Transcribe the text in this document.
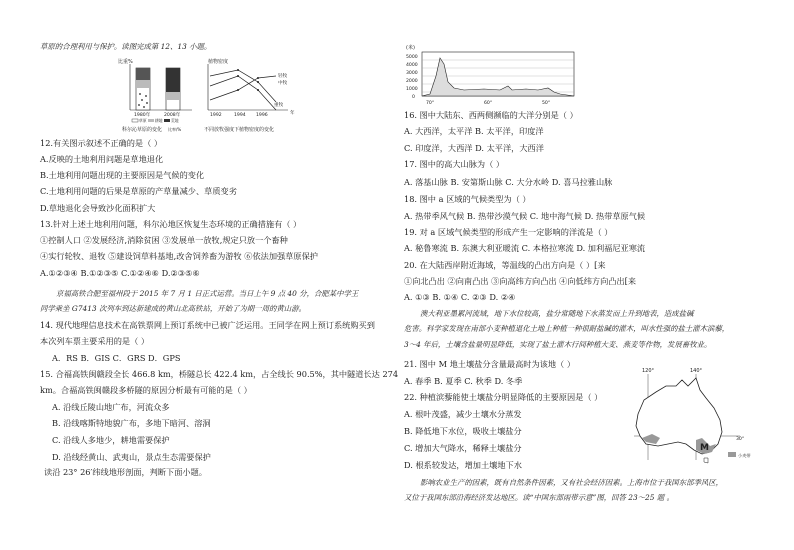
草原的合理利用与保护。读图完成第 12、13 小题。
比重%
1980年	2008年
草原 耕地 荒地
科尔沁草原的变化 比率/%
植物密度
轻牧
中牧
重牧
1992	1994 1996	年
不同放牧强度下植物密度的变化
12.有关图示叙述不正确的是（ ）
A.反映的土地利用问题是草地退化
B.土地利用问题出现的主要原因是气候的变化
C.土地利用问题的后果是草原的产草量减少、草质变劣
D.草地退化会导致沙化面积扩大
13.针对上述土地利用问题，科尔沁地区恢复生态环境的正确措施有（ ）
①控制人口 ②发展经济,消除贫困 ③发展单一放牧,规定只放一个畜种
④实行轮牧、退牧 ⑤建设饲草料基地,改舍饲养畜为游牧 ⑥依法加强草原保护
A.①②③④ B.①②③⑤ C.①②④⑥ D.②③⑤⑥
京福高铁合肥至福州段于 2015 年 7 月 1 日正式运营。当日上午 9 点 40 分，合肥某中学王
同学乘坐 G7413 次列车到达新建成的黄山北高铁站，开始了为期一周的黄山游。
14. 现代地理信息技术在高铁票网上预订系统中已被广泛运用。王同学在网上预订系统购买到
本次列车票主要采用的是（ ）
A．RS B．GIS C．GRS D．GPS
15. 合福高铁闽赣段全长 466.8 km，桥隧总长 422.4 km，占全线长 90.5%，其中隧道长达 274
km。合福高铁闽赣段多桥隧的原因分析最有可能的是（ ）
A. 沿线丘陵山地广布，河流众多
B. 沿线喀斯特地貌广布，多地下暗河、溶洞
C. 沿线人多地少，耕地需要保护
D. 沿线经黄山、武夷山，景点生态需要保护
读沿 23° 26′纬线地形剖面，判断下面小题。
(米)
5000
4000
3000
2000
1000
0
70°	60°	50°
16. 图中大陆东、西两侧濒临的大洋分别是（ ）
A. 大西洋，太平洋 B. 太平洋，印度洋
C. 印度洋，大西洋 D. 太平洋，大西洋
17. 图中的高大山脉为（ ）
A. 落基山脉 B. 安第斯山脉 C. 大分水岭 D. 喜马拉雅山脉
18. 图中 a 区域的气候类型为（ ）
A. 热带季风气候 B. 热带沙漠气候 C. 地中海气候 D. 热带草原气候
19. 对 a 区域气候类型的形成产生一定影响的洋流是（ ）
A. 秘鲁寒流 B. 东澳大利亚暖流 C. 本格拉寒流 D. 加利福尼亚寒流
20. 在大陆西岸附近海域，等温线的凸出方向是（ ）[来
①向北凸出 ②向南凸出 ③向高纬方向凸出 ④向低纬方向凸出[来
A. ①③ B. ①④ C. ②③ D. ②④
澳大利亚墨累河流域，地下水位较高，盐分常随地下水蒸发而上升到地表，造成盐碱
危害。科学家发现在南部小麦种植退化土地上种植一种很耐盐碱的灌木，叫水性强的盐土灌木滨藜，
3～4 年后，土壤含盐量明显降低，实现了盐土灌木行间种植大麦、燕麦等作物，发展畜牧业。
21. 图中 M 地土壤盐分含量最高时为该地（ ）
A. 春季 B. 夏季 C. 秋季 D. 冬季
22. 种植滨藜能使土壤盐分明显降低的主要原因是（ ）
A. 根叶茂盛，减少土壤水分蒸发
B. 降低地下水位，吸收土壤盐分
C. 增加大气降水，稀释土壤盐分
D. 根系较发达，增加土壤地下水
120°	140°
30°
M
小麦带
影响农业生产的因素，既有自然条件因素，又有社会经济因素。上海市位于我国东部季风区，
又位于我国东部沿海经济发达地区。读“中国东部雨带示意”图，回答 23～25 题 。
